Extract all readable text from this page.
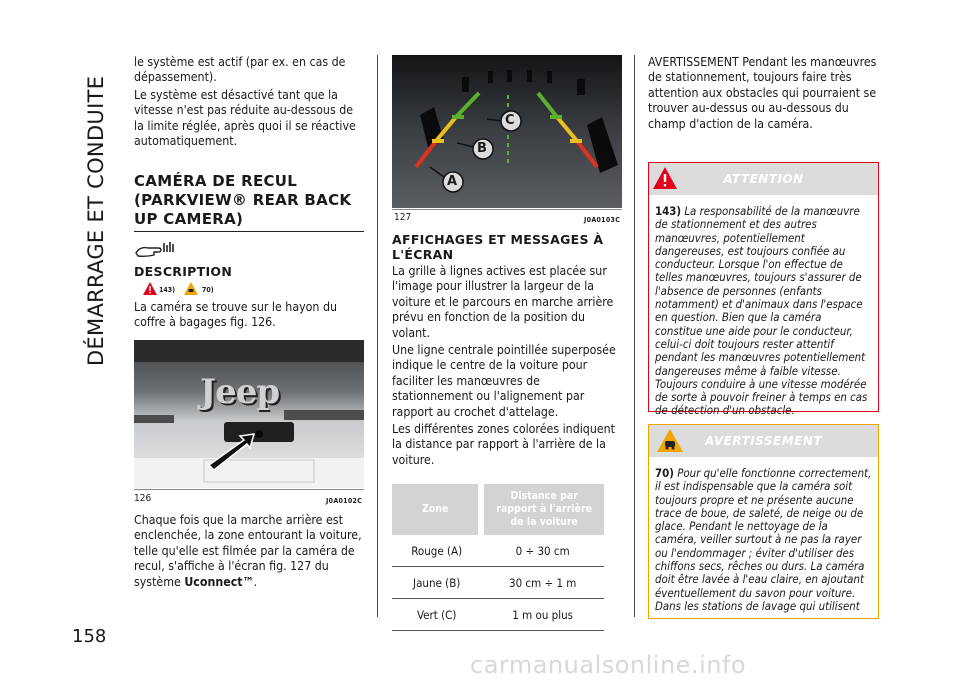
DÉMARRAGE ET CONDUITE
158

le système est actif (par ex. en cas de dépassement).

Le système est désactivé tant que la vitesse n'est pas réduite au-dessous de la limite réglée, après quoi il se réactive automatiquement.

CAMÉRA DE RECUL (PARKVIEW® REAR BACK UP CAMERA)
DESCRIPTION
143)	70)
La caméra se trouve sur le hayon du coffre à bagages fig. 126.
Jeep
126	J0A0102C
Chaque fois que la marche arrière est enclenchée, la zone entourant la voiture, telle qu'elle est filmée par la caméra de recul, s'affiche à l'écran fig. 127 du système Uconnect™.
C
B
A
127	J0A0103C
AFFICHAGES ET MESSAGES À L'ÉCRAN

La grille à lignes actives est placée sur l'image pour illustrer la largeur de la voiture et le parcours en marche arrière prévu en fonction de la position du volant.

Une ligne centrale pointillée superposée indique le centre de la voiture pour faciliter les manœuvres de stationnement ou l'alignement par rapport au crochet d'attelage.

Les différentes zones colorées indiquent la distance par rapport à l'arrière de la voiture.

Zone	Distance par rapport à l'arrière de la voiture
Rouge (A)	0 ÷ 30 cm
Jaune (B)	30 cm ÷ 1 m
Vert (C)	1 m ou plus
AVERTISSEMENT Pendant les manœuvres de stationnement, toujours faire très attention aux obstacles qui pourraient se trouver au-dessus ou au-dessous du champ d'action de la caméra.
ATTENTION
143) La responsabilité de la manœuvre de stationnement et des autres manœuvres, potentiellement dangereuses, est toujours confiée au conducteur. Lorsque l'on effectue de telles manœuvres, toujours s'assurer de l'absence de personnes (enfants notamment) et d'animaux dans l'espace en question. Bien que la caméra constitue une aide pour le conducteur, celui-ci doit toujours rester attentif pendant les manœuvres potentiellement dangereuses même à faible vitesse. Toujours conduire à une vitesse modérée de sorte à pouvoir freiner à temps en cas de détection d'un obstacle.
AVERTISSEMENT
70) Pour qu'elle fonctionne correctement, il est indispensable que la caméra soit toujours propre et ne présente aucune trace de boue, de saleté, de neige ou de glace. Pendant le nettoyage de la caméra, veiller surtout à ne pas la rayer ou l'endommager ; éviter d'utiliser des chiffons secs, rêches ou durs. La caméra doit être lavée à l'eau claire, en ajoutant éventuellement du savon pour voiture. Dans les stations de lavage qui utilisent
carmanualsonline.info
